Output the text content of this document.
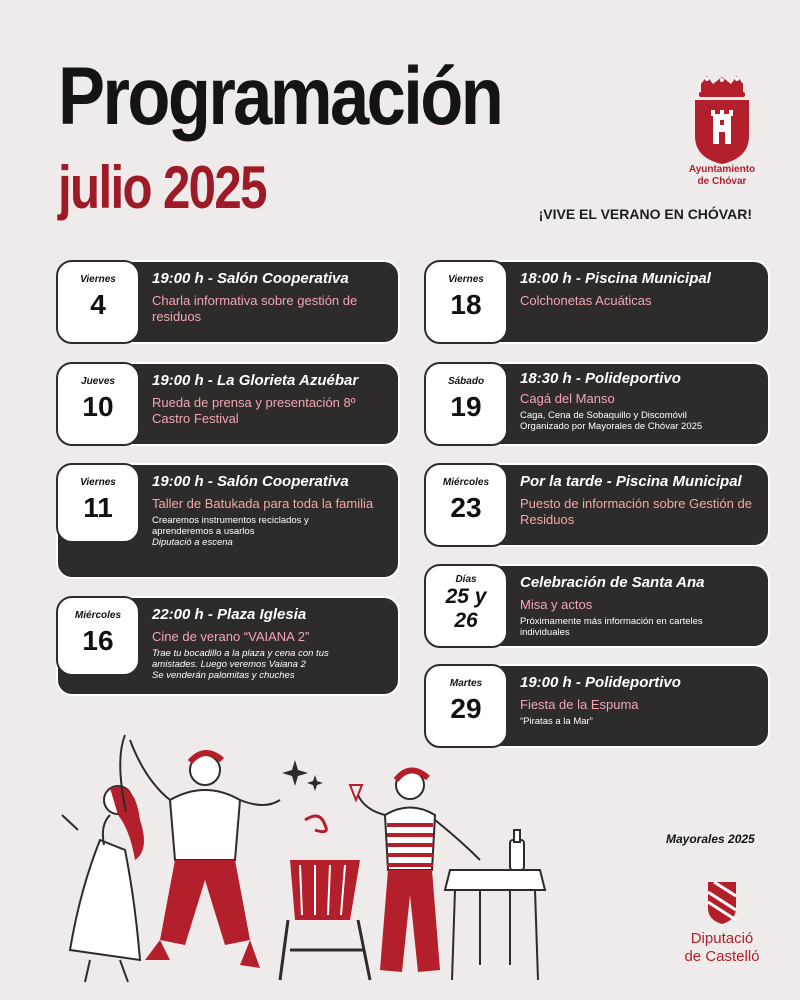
Programación
julio 2025	Ayuntamiento
de Chóvar
¡VIVE EL VERANO EN CHÓVAR!
Viernes
4
19:00 h - Salón Cooperativa
Charla informativa sobre gestión de residuos
Jueves
10
19:00 h - La Glorieta Azuébar
Rueda de prensa y presentación 8º Castro Festival
Viernes
11
19:00 h - Salón Cooperativa
Taller de Batukada para toda la familia
Crearemos instrumentos reciclados y
aprenderemos a usarlos
Diputació a escena
Miércoles
16
22:00 h - Plaza Iglesia
Cine de verano “VAIANA 2”
Trae tu bocadillo a la plaza y cena con tus
amistades. Luego veremos Vaiana 2
Se venderán palomitas y chuches
Viernes
18
18:00 h - Piscina Municipal
Colchonetas Acuáticas
Sábado
19
18:30 h - Polideportivo
Cagá del Manso
Caga, Cena de Sobaquillo y Discomóvil
Organizado por Mayorales de Chóvar 2025
Miércoles
23
Por la tarde - Piscina Municipal
Puesto de información sobre Gestión de Residuos
Días
25 y
26
Celebración de Santa Ana
Misa y actos
Próximamente más información en carteles
individuales
Martes
29
19:00 h - Polideportivo
Fiesta de la Espuma
“Piratas a la Mar”
Mayorales 2025
Diputació
de Castelló
